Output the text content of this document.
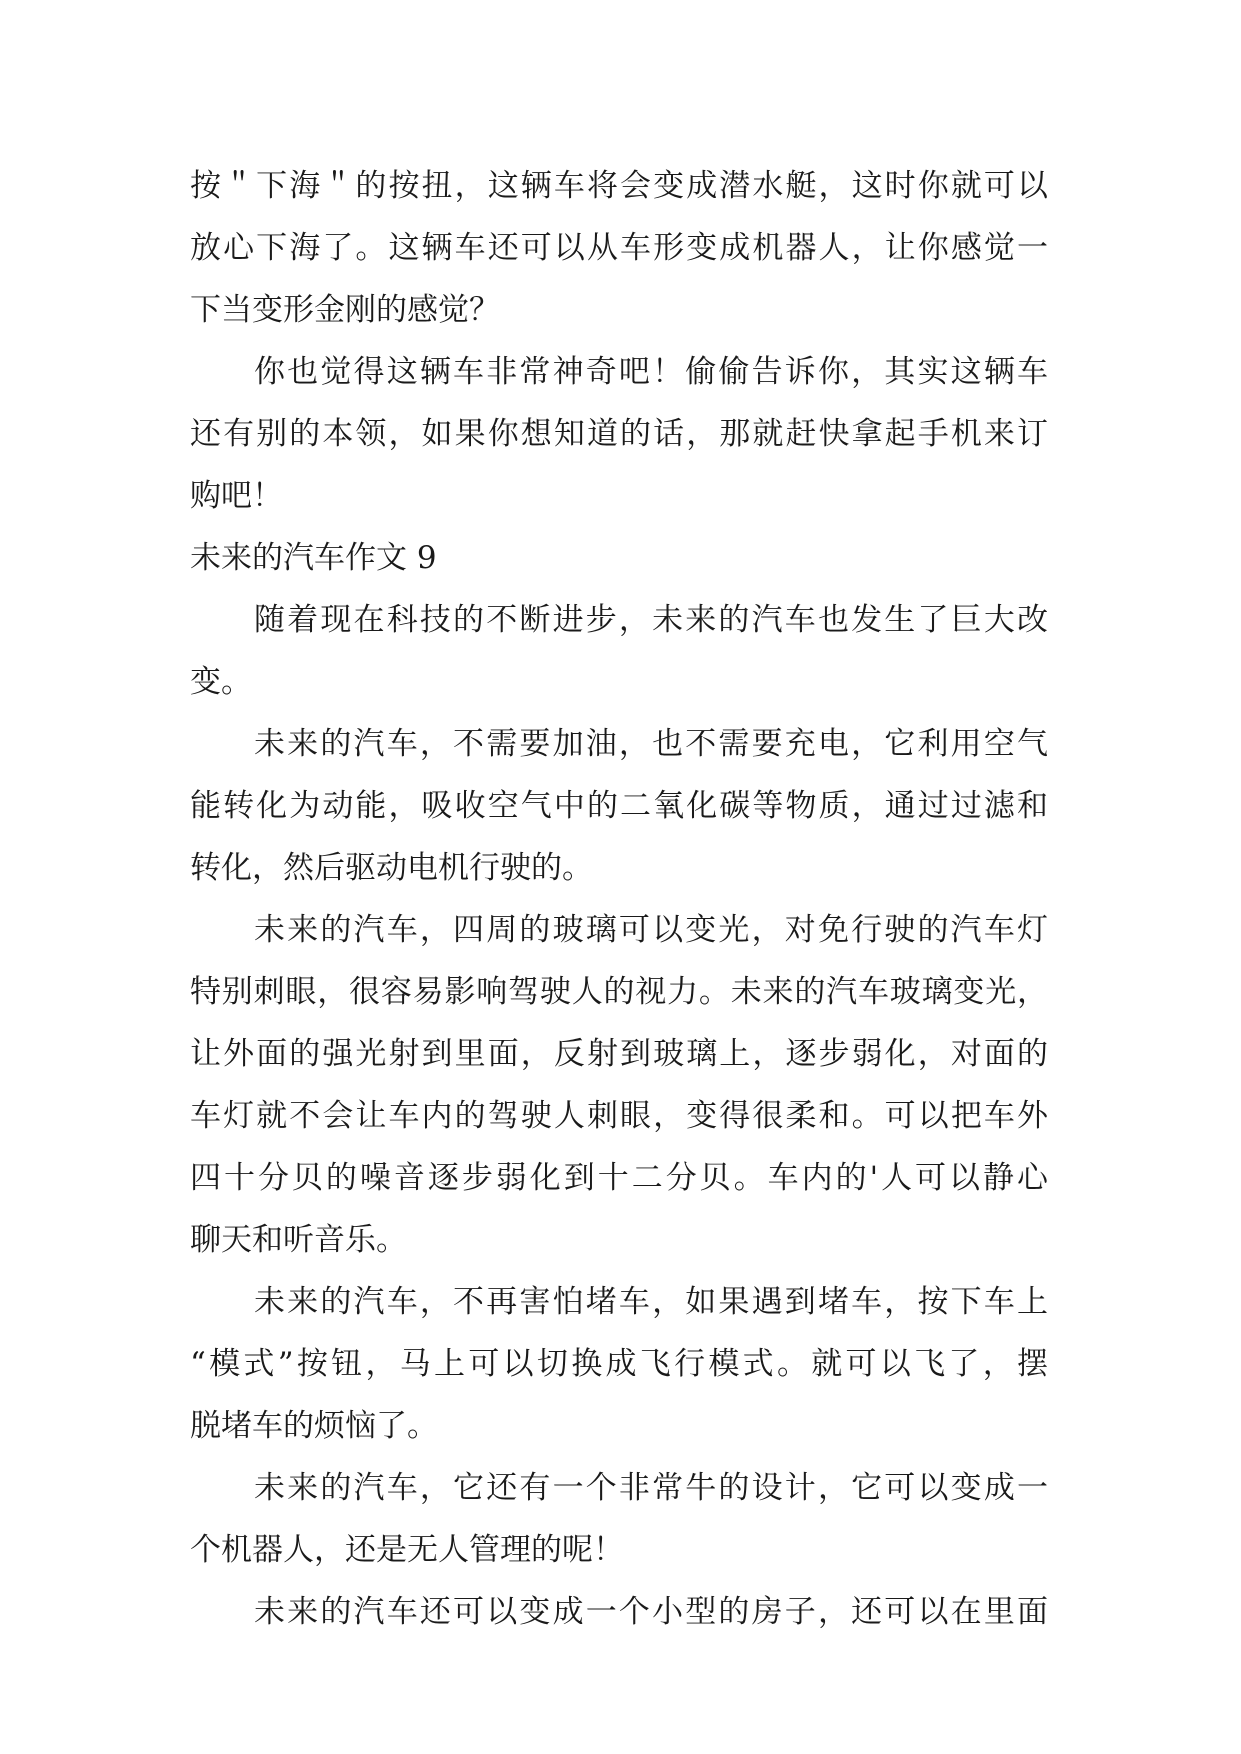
按＂下海＂的按扭，这辆车将会变成潜水艇，这时你就可以
放心下海了。这辆车还可以从车形变成机器人，让你感觉一
下当变形金刚的感觉？
你也觉得这辆车非常神奇吧！偷偷告诉你，其实这辆车
还有别的本领，如果你想知道的话，那就赶快拿起手机来订
购吧！
未来的汽车作文 9
随着现在科技的不断进步，未来的汽车也发生了巨大改
变。
未来的汽车，不需要加油，也不需要充电，它利用空气
能转化为动能，吸收空气中的二氧化碳等物质，通过过滤和
转化，然后驱动电机行驶的。
未来的汽车，四周的玻璃可以变光，对免行驶的汽车灯
特别刺眼，很容易影响驾驶人的视力。未来的汽车玻璃变光，
让外面的强光射到里面，反射到玻璃上，逐步弱化，对面的
车灯就不会让车内的驾驶人刺眼，变得很柔和。可以把车外
四十分贝的噪音逐步弱化到十二分贝。车内的'人可以静心
聊天和听音乐。
未来的汽车，不再害怕堵车，如果遇到堵车，按下车上
“模式”按钮，马上可以切换成飞行模式。就可以飞了，摆
脱堵车的烦恼了。
未来的汽车，它还有一个非常牛的设计，它可以变成一
个机器人，还是无人管理的呢！
未来的汽车还可以变成一个小型的房子，还可以在里面
